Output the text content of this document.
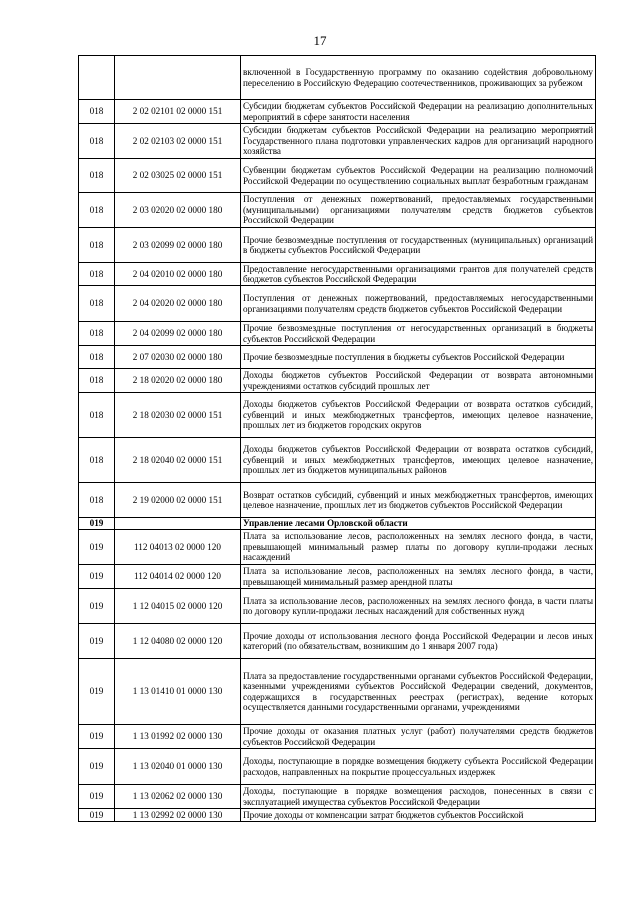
17
		включенной в Государственную программу по оказанию содействия добровольному переселению в Российскую Федерацию соотечественников, проживающих за рубежом
018	2 02 02101 02 0000 151	Субсидии бюджетам субъектов Российской Федерации на реализацию дополнительных мероприятий в сфере занятости населения
018	2 02 02103 02 0000 151	Субсидии бюджетам субъектов Российской Федерации на реализацию мероприятий Государственного плана подготовки управленческих кадров для организаций народного хозяйства
018	2 02 03025 02 0000 151	Субвенции бюджетам субъектов Российской Федерации на реализацию полномочий Российской Федерации по осуществлению социальных выплат безработным гражданам
018	2 03 02020 02 0000 180	Поступления от денежных пожертвований, предоставляемых государственными (муниципальными) организациями получателям средств бюджетов субъектов Российской Федерации
018	2 03 02099 02 0000 180	Прочие безвозмездные поступления от государственных (муниципальных) организаций в бюджеты субъектов Российской Федерации
018	2 04 02010 02 0000 180	Предоставление негосударственными организациями грантов для получателей средств бюджетов субъектов Российской Федерации
018	2 04 02020 02 0000 180	Поступления от денежных пожертвований, предоставляемых негосударственными организациями получателям средств бюджетов субъектов Российской Федерации
018	2 04 02099 02 0000 180	Прочие безвозмездные поступления от негосударственных организаций в бюджеты субъектов Российской Федерации
018	2 07 02030 02 0000 180	Прочие безвозмездные поступления в бюджеты субъектов Российской Федерации
018	2 18 02020 02 0000 180	Доходы бюджетов субъектов Российской Федерации от возврата автономными учреждениями остатков субсидий прошлых лет
018	2 18 02030 02 0000 151	Доходы бюджетов субъектов Российской Федерации от возврата остатков субсидий, субвенций и иных межбюджетных трансфертов, имеющих целевое назначение, прошлых лет из бюджетов городских округов
018	2 18 02040 02 0000 151	Доходы бюджетов субъектов Российской Федерации от возврата остатков субсидий, субвенций и иных межбюджетных трансфертов, имеющих целевое назначение, прошлых лет из бюджетов муниципальных районов
018	2 19 02000 02 0000 151	Возврат остатков субсидий, субвенций и иных межбюджетных трансфертов, имеющих целевое назначение, прошлых лет из бюджетов субъектов Российской Федерации
019		Управление лесами Орловской области
019	112 04013 02 0000 120	Плата за использование лесов, расположенных на землях лесного фонда, в части, превышающей минимальный размер платы по договору купли-продажи лесных насаждений
019	112 04014 02 0000 120	Плата за использование лесов, расположенных на землях лесного фонда, в части, превышающей минимальный размер арендной платы
019	1 12 04015 02 0000 120	Плата за использование лесов, расположенных на землях лесного фонда, в части платы по договору купли-продажи лесных насаждений для собственных нужд
019	1 12 04080 02 0000 120	Прочие доходы от использования лесного фонда Российской Федерации и лесов иных категорий (по обязательствам, возникшим до 1 января 2007 года)
019	1 13 01410 01 0000 130	Плата за предоставление государственными органами субъектов Российской Федерации, казенными учреждениями субъектов Российской Федерации сведений, документов, содержащихся в государственных реестрах (регистрах), ведение которых осуществляется данными государственными органами, учреждениями
019	1 13 01992 02 0000 130	Прочие доходы от оказания платных услуг (работ) получателями средств бюджетов субъектов Российской Федерации
019	1 13 02040 01 0000 130	Доходы, поступающие в порядке возмещения бюджету субъекта Российской Федерации расходов, направленных на покрытие процессуальных издержек
019	1 13 02062 02 0000 130	Доходы, поступающие в порядке возмещения расходов, понесенных в связи с эксплуатацией имущества субъектов Российской Федерации
019	1 13 02992 02 0000 130	Прочие доходы от компенсации затрат бюджетов субъектов Российской
